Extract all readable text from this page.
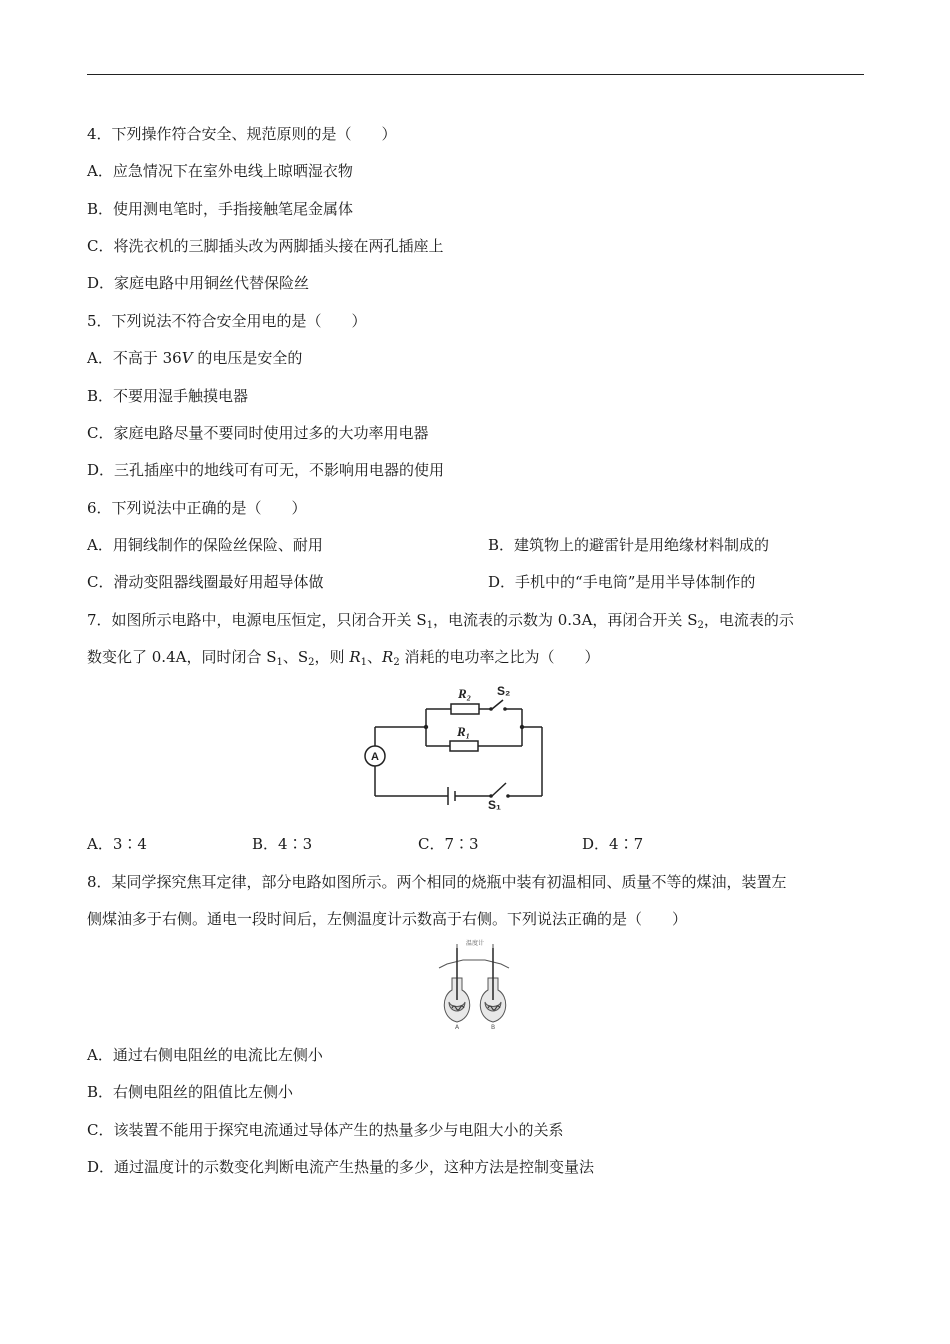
4．下列操作符合安全、规范原则的是（　　）
A．应急情况下在室外电线上晾晒湿衣物
B．使用测电笔时，手指接触笔尾金属体
C．将洗衣机的三脚插头改为两脚插头接在两孔插座上
D．家庭电路中用铜丝代替保险丝
5．下列说法不符合安全用电的是（　　）
A．不高于 36V 的电压是安全的
B．不要用湿手触摸电器
C．家庭电路尽量不要同时使用过多的大功率用电器
D．三孔插座中的地线可有可无，不影响用电器的使用
6．下列说法中正确的是（　　）
A．用铜线制作的保险丝保险、耐用	B．建筑物上的避雷针是用绝缘材料制成的
C．滑动变阻器线圈最好用超导体做	D．手机中的“手电筒”是用半导体制作的
7．如图所示电路中，电源电压恒定，只闭合开关 $S_1$，电流表的示数为 0.3A，再闭合开关 $S_2$，电流表的示
数变化了 0.4A，同时闭合 $S_1$、$S_2$，则 $R_1$、$R_2$ 消耗的电功率之比为（　　）
A
R₂ S₂
R₁
S₁
A．3∶4	B．4∶3	C．7∶3	D．4∶7
8．某同学探究焦耳定律，部分电路如图所示。两个相同的烧瓶中装有初温相同、质量不等的煤油，装置左
侧煤油多于右侧。通电一段时间后，左侧温度计示数高于右侧。下列说法正确的是（　　）
温度计
A	B
A．通过右侧电阻丝的电流比左侧小
B．右侧电阻丝的阻值比左侧小
C．该装置不能用于探究电流通过导体产生的热量多少与电阻大小的关系
D．通过温度计的示数变化判断电流产生热量的多少，这种方法是控制变量法
